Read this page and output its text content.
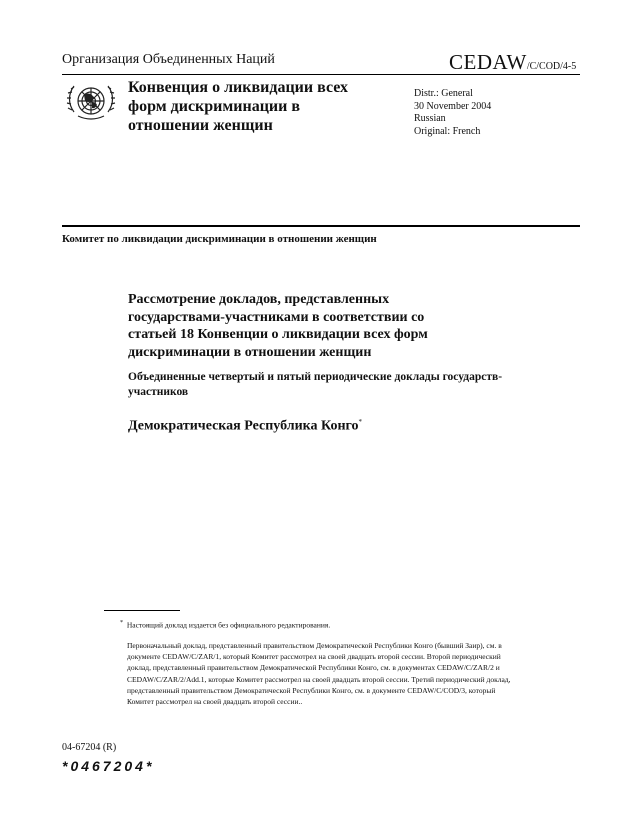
Организация Объединенных Наций	CEDAW/C/COD/4-5
Конвенция о ликвидации всех форм дискриминации в отношении женщин
Distr.: General
30 November 2004
Russian
Original: French
Комитет по ликвидации дискриминации в отношении женщин
Рассмотрение докладов, представленных государствами-участниками в соответствии со статьей 18 Конвенции о ликвидации всех форм дискриминации в отношении женщин
Объединенные четвертый и пятый периодические доклады государств-участников
Демократическая Республика Конго*
* Настоящий доклад издается без официального редактирования.
Первоначальный доклад, представленный правительством Демократической Республики Конго (бывший Заир), см. в документе CEDAW/C/ZAR/1, который Комитет рассмотрел на своей двадцать второй сессии. Второй периодический доклад, представленный правительством Демократической Республики Конго, см. в документах CEDAW/C/ZAR/2 и CEDAW/C/ZAR/2/Add.1, которые Комитет рассмотрел на своей двадцать второй сессии. Третий периодический доклад, представленный правительством Демократической Республики Конго, см. в документе CEDAW/C/COD/3, который Комитет рассмотрел на своей двадцать второй сессии..
04-67204 (R)
*0467204*
